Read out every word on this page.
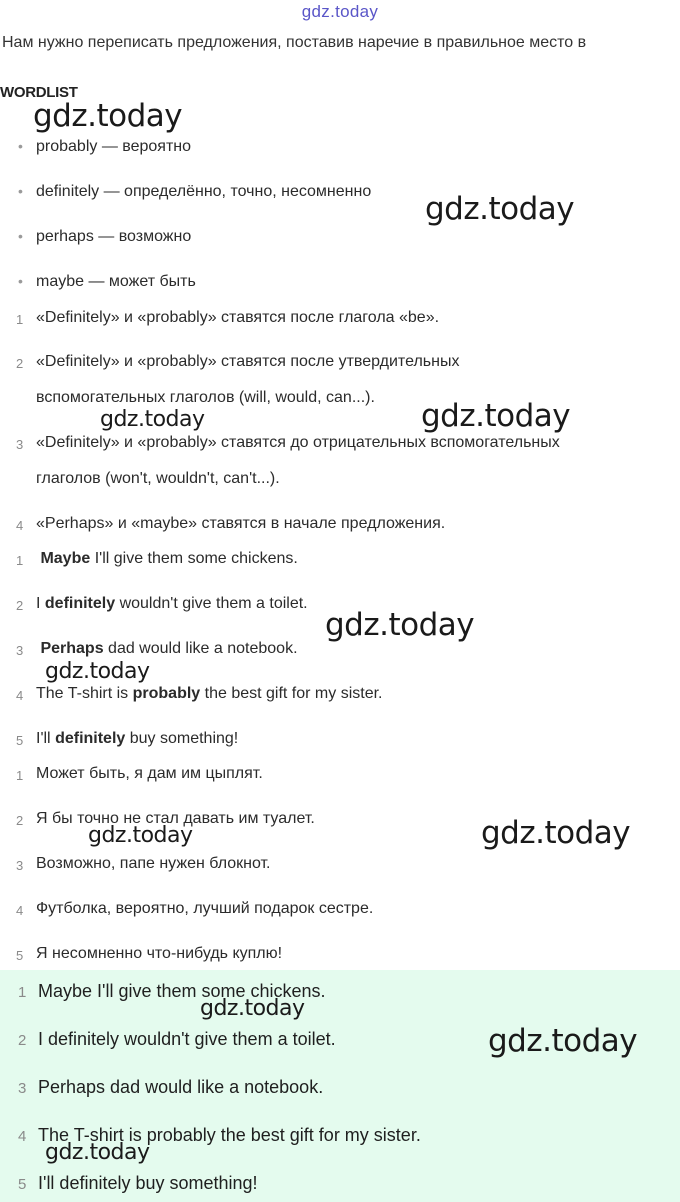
gdz.today
Нам нужно переписать предложения, поставив наречие в правильное место в
WORDLIST
• probably — вероятно
• definitely — определённо, точно, несомненно
• perhaps — возможно
• maybe — может быть
1 «Definitely» и «probably» ставятся после глагола «be».
2 «Definitely» и «probably» ставятся после утвердительных
вспомогательных глаголов (will, would, can...).
3 «Definitely» и «probably» ставятся до отрицательных вспомогательных
глаголов (won't, wouldn't, can't...).
4 «Perhaps» и «maybe» ставятся в начале предложения.
1 Maybe I'll give them some chickens.
2 I definitely wouldn't give them a toilet.
3 Perhaps dad would like a notebook.
4 The T-shirt is probably the best gift for my sister.
5 I'll definitely buy something!
1 Может быть, я дам им цыплят.
2 Я бы точно не стал давать им туалет.
3 Возможно, папе нужен блокнот.
4 Футболка, вероятно, лучший подарок сестре.
5 Я несомненно что-нибудь куплю!
1 Maybe I'll give them some chickens.
2 I definitely wouldn't give them a toilet.
3 Perhaps dad would like a notebook.
4 The T-shirt is probably the best gift for my sister.
5 I'll definitely buy something!
gdz.today
gdz.today
gdz.today	gdz.today
gdz.today
gdz.today
gdz.today	gdz.today
gdz.today
gdz.today
gdz.today
